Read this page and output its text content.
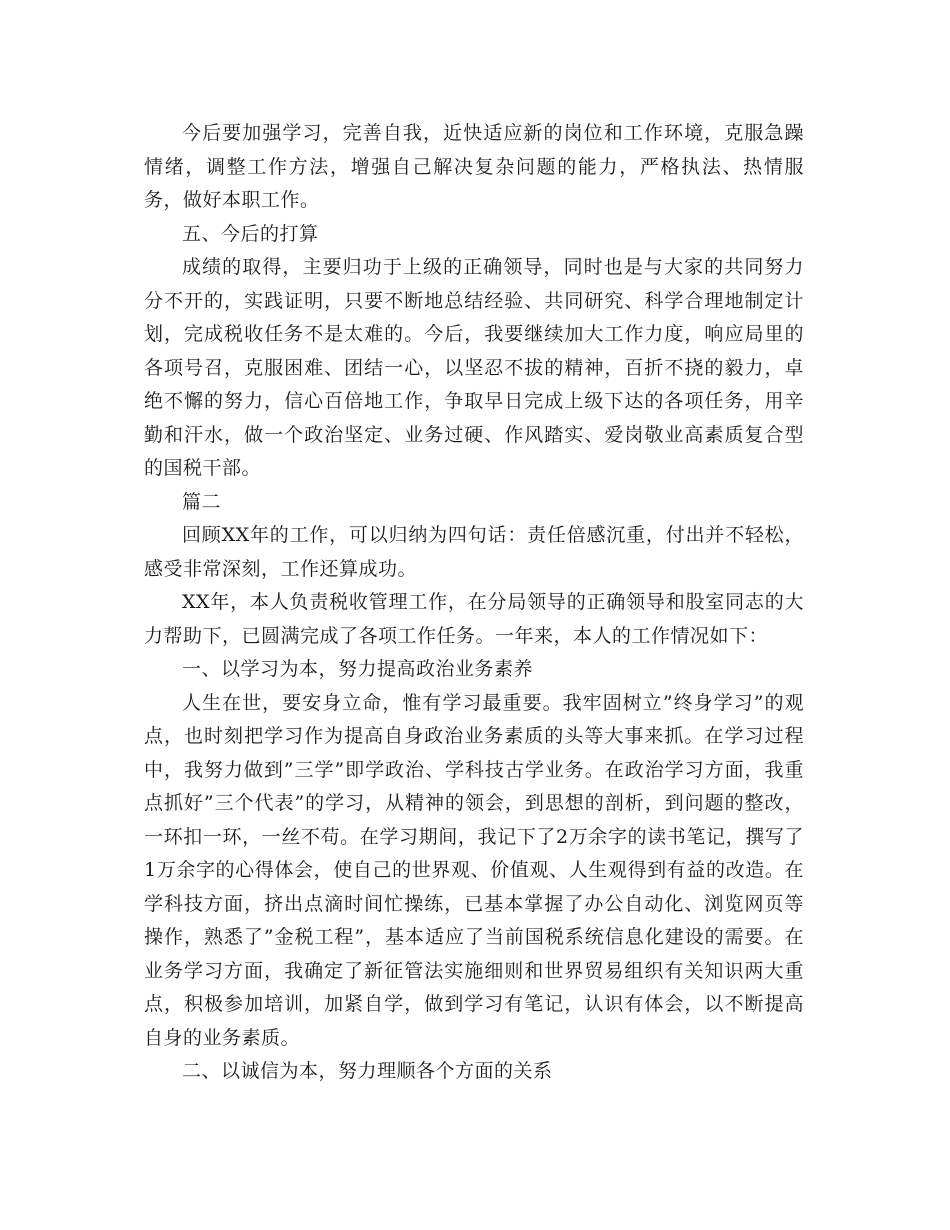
今后要加强学习，完善自我，近快适应新的岗位和工作环境，克服急躁情绪，调整工作方法，增强自己解决复杂问题的能力，严格执法、热情服务，做好本职工作。

五、今后的打算

成绩的取得，主要归功于上级的正确领导，同时也是与大家的共同努力分不开的，实践证明，只要不断地总结经验、共同研究、科学合理地制定计划，完成税收任务不是太难的。今后，我要继续加大工作力度，响应局里的各项号召，克服困难、团结一心，以坚忍不拔的精神，百折不挠的毅力，卓绝不懈的努力，信心百倍地工作，争取早日完成上级下达的各项任务，用辛勤和汗水，做一个政治坚定、业务过硬、作风踏实、爱岗敬业高素质复合型的国税干部。

篇二

回顾XX年的工作，可以归纳为四句话：责任倍感沉重，付出并不轻松，感受非常深刻，工作还算成功。

XX年，本人负责税收管理工作，在分局领导的正确领导和股室同志的大力帮助下，已圆满完成了各项工作任务。一年来，本人的工作情况如下：

一、以学习为本，努力提高政治业务素养

人生在世，要安身立命，惟有学习最重要。我牢固树立”终身学习”的观点，也时刻把学习作为提高自身政治业务素质的头等大事来抓。在学习过程中，我努力做到”三学”即学政治、学科技古学业务。在政治学习方面，我重点抓好”三个代表”的学习，从精神的领会，到思想的剖析，到问题的整改，一环扣一环，一丝不苟。在学习期间，我记下了2万余字的读书笔记，撰写了1万余字的心得体会，使自己的世界观、价值观、人生观得到有益的改造。在学科技方面，挤出点滴时间忙操练，已基本掌握了办公自动化、浏览网页等操作，熟悉了”金税工程”，基本适应了当前国税系统信息化建设的需要。在业务学习方面，我确定了新征管法实施细则和世界贸易组织有关知识两大重点，积极参加培训，加紧自学，做到学习有笔记，认识有体会，以不断提高自身的业务素质。

二、以诚信为本，努力理顺各个方面的关系
